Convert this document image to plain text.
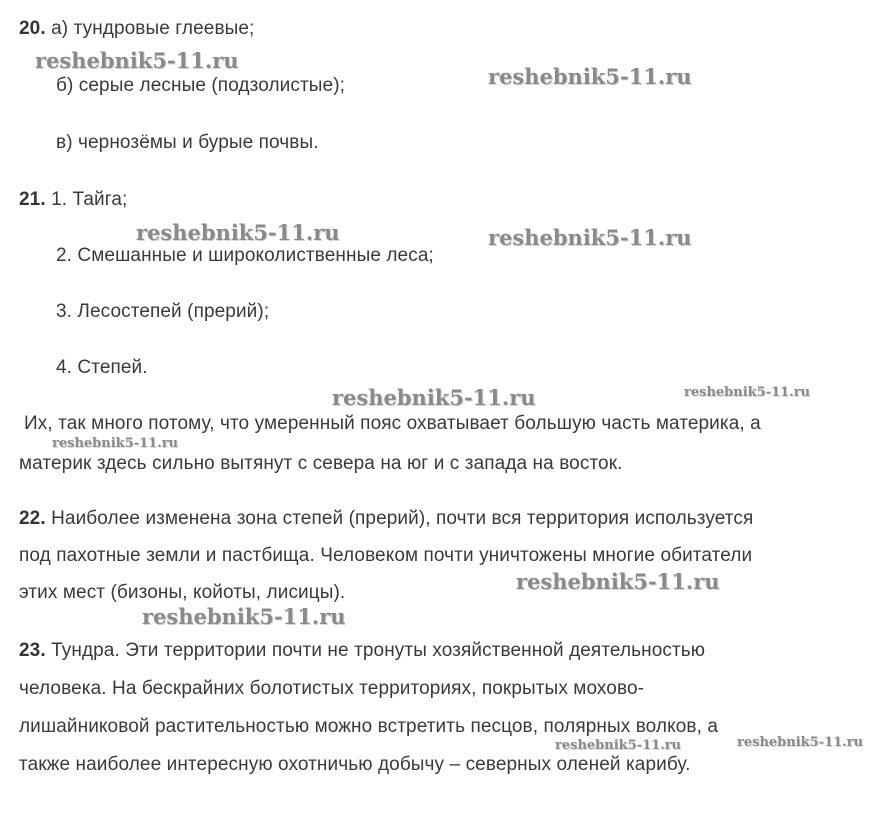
20. а) тундровые глеевые;
б) серые лесные (подзолистые);
в) чернозёмы и бурые почвы.
21. 1. Тайга;
2. Смешанные и широколиственные леса;
3. Лесостепей (прерий);
4. Степей.
Их, так много потому, что умеренный пояс охватывает большую часть материка, а
материк здесь сильно вытянут с севера на юг и с запада на восток.
22. Наиболее изменена зона степей (прерий), почти вся территория используется
под пахотные земли и пастбища. Человеком почти уничтожены многие обитатели
этих мест (бизоны, койоты, лисицы).
23. Тундра. Эти территории почти не тронуты хозяйственной деятельностью
человека. На бескрайних болотистых территориях, покрытых мохово-
лишайниковой растительностью можно встретить песцов, полярных волков, а
также наиболее интересную охотничью добычу – северных оленей карибу.
reshebnik5-11.ru
reshebnik5-11.ru
reshebnik5-11.ru	reshebnik5-11.ru
reshebnik5-11.ru	reshebnik5-11.ru
reshebnik5-11.ru
reshebnik5-11.ru
reshebnik5-11.ru
reshebnik5-11.ru	reshebnik5-11.ru
